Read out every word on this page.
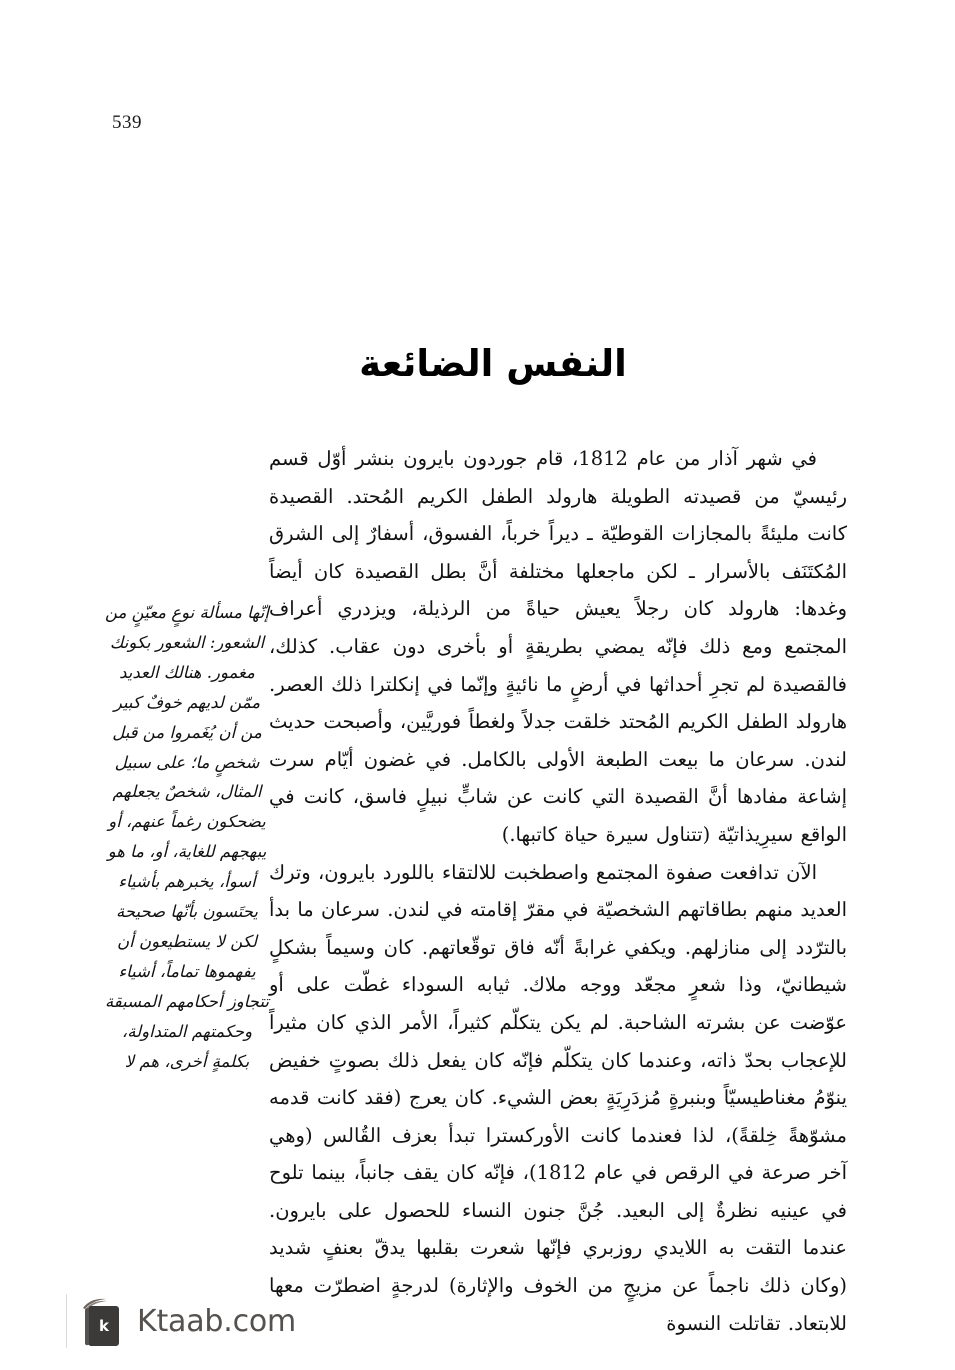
539
النفس الضائعة

في شهر آذار من عام 1812، قام جوردون بايرون بنشر أوّل قسم رئيسيّ من قصيدته الطويلة هارولد الطفل الكريم المُحتد. القصيدة كانت مليئةً بالمجازات القوطيّة ـ ديراً خرباً، الفسوق، أسفارٌ إلى الشرق المُكتَنَف بالأسرار ـ لكن ماجعلها مختلفة أنَّ بطل القصيدة كان أيضاً وغدها: هارولد كان رجلاً يعيش حياةً من الرذيلة، ويزدري أعراف المجتمع ومع ذلك فإنّه يمضي بطريقةٍ أو بأخرى دون عقاب. كذلك، فالقصيدة لم تجرِ أحداثها في أرضٍ ما نائيةٍ وإنّما في إنكلترا ذلك العصر. هارولد الطفل الكريم المُحتد خلقت جدلاً ولغطاً فوريَّين، وأصبحت حديث لندن. سرعان ما بيعت الطبعة الأولى بالكامل. في غضون أيّام سرت إشاعة مفادها أنَّ القصيدة التي كانت عن شابٍّ نبيلٍ فاسق، كانت في الواقع سيرِيذاتيّة (تتناول سيرة حياة كاتبها.)

الآن تدافعت صفوة المجتمع واصطخبت للالتقاء باللورد بايرون، وترك العديد منهم بطاقاتهم الشخصيّة في مقرّ إقامته في لندن. سرعان ما بدأ بالترّدد إلى منازلهم. ويكفي غرابةً أنّه فاق توقّعاتهم. كان وسيماً بشكلٍ شيطانيّ، وذا شعرٍ مجعّد ووجه ملاك. ثيابه السوداء غطّت على أو عوّضت عن بشرته الشاحبة. لم يكن يتكلّم كثيراً، الأمر الذي كان مثيراً للإعجاب بحدّ ذاته، وعندما كان يتكلّم فإنّه كان يفعل ذلك بصوتٍ خفيض ينوّمُ مغناطيسيّاً وبنبرةٍ مُزدَرِيَةٍ بعض الشيء. كان يعرج (فقد كانت قدمه مشوّهةً خِلقةً)، لذا فعندما كانت الأوركسترا تبدأ بعزف القُالس (وهي آخر صرعة في الرقص في عام 1812)، فإنّه كان يقف جانباً، بينما تلوح في عينيه نظرةٌ إلى البعيد. جُنَّ جنون النساء للحصول على بايرون. عندما التقت به اللايدي روزبري فإنّها شعرت بقلبها يدقّ بعنفٍ شديد (وكان ذلك ناجماً عن مزيجٍ من الخوف والإثارة) لدرجةٍ اضطرّت معها للابتعاد. تقاتلت النسوة

إنّها مسألة نوعٍ معيّنٍ من الشعور: الشعور بكونك مغمور. هنالك العديد ممّن لديهم خوفٌ كبير من أن يُغَمروا من قبل شخصٍ ما؛ على سبيل المثال، شخصٌ يجعلهم يضحكون رغماً عنهم، أو يبهجهم للغاية، أو، ما هو أسوأ، يخبرهم بأشياء يحتَسون بأنّها صحيحة لكن لا يستطيعون أن يفهموها تماماً، أشياء تتجاوز أحكامهم المسبقة وحكمتهم المتداولة، بكلمةٍ أخرى، هم لا

k Ktaab.com
